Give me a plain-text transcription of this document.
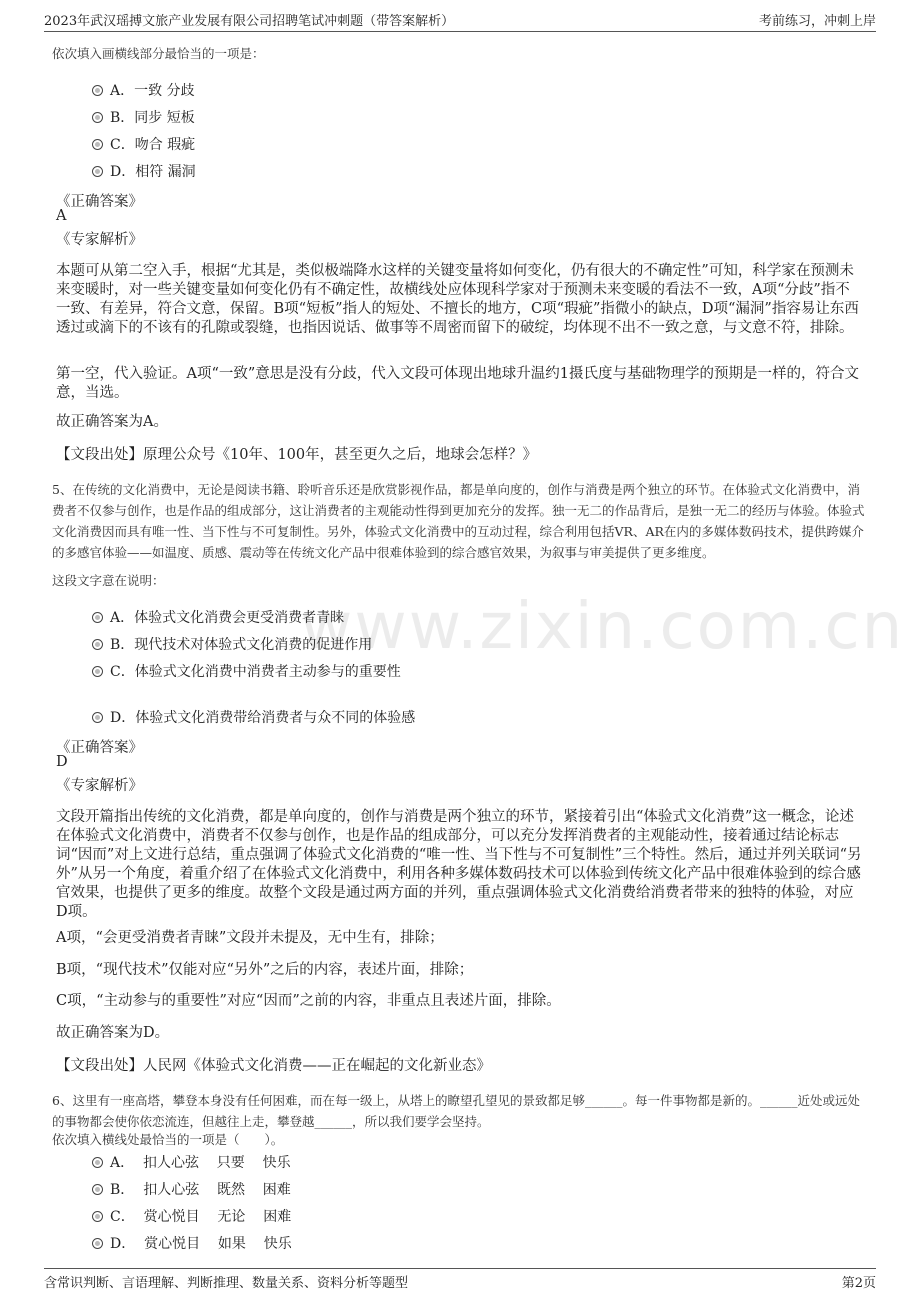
2023年武汉瑶搏文旅产业发展有限公司招聘笔试冲刺题（带答案解析）	考前练习，冲刺上岸
www.zixin.com.cn
依次填入画横线部分最恰当的一项是：
A．一致 分歧
B．同步 短板
C．吻合 瑕疵
D．相符 漏洞
《正确答案》
A
《专家解析》

本题可从第二空入手，根据“尤其是，类似极端降水这样的关键变量将如何变化，仍有很大的不确定性”可知，科学家在预测未来变暖时，对一些关键变量如何变化仍有不确定性，故横线处应体现科学家对于预测未来变暖的看法不一致，A项“分歧”指不一致、有差异，符合文意，保留。B项“短板”指人的短处、不擅长的地方，C项“瑕疵”指微小的缺点，D项“漏洞”指容易让东西透过或滴下的不该有的孔隙或裂缝，也指因说话、做事等不周密而留下的破绽，均体现不出不一致之意，与文意不符，排除。

第一空，代入验证。A项“一致”意思是没有分歧，代入文段可体现出地球升温约1摄氏度与基础物理学的预期是一样的，符合文意，当选。

故正确答案为A。

【文段出处】原理公众号《10年、100年，甚至更久之后，地球会怎样？》

5、在传统的文化消费中，无论是阅读书籍、聆听音乐还是欣赏影视作品，都是单向度的，创作与消费是两个独立的环节。在体验式文化消费中，消费者不仅参与创作，也是作品的组成部分，这让消费者的主观能动性得到更加充分的发挥。独一无二的作品背后，是独一无二的经历与体验。体验式文化消费因而具有唯一性、当下性与不可复制性。另外，体验式文化消费中的互动过程，综合利用包括VR、AR在内的多媒体数码技术，提供跨媒介的多感官体验——如温度、质感、震动等在传统文化产品中很难体验到的综合感官效果，为叙事与审美提供了更多维度。

这段文字意在说明：
A．体验式文化消费会更受消费者青睐
B．现代技术对体验式文化消费的促进作用
C．体验式文化消费中消费者主动参与的重要性
D．体验式文化消费带给消费者与众不同的体验感
《正确答案》
D
《专家解析》

文段开篇指出传统的文化消费，都是单向度的，创作与消费是两个独立的环节，紧接着引出“体验式文化消费”这一概念，论述在体验式文化消费中，消费者不仅参与创作，也是作品的组成部分，可以充分发挥消费者的主观能动性，接着通过结论标志词“因而”对上文进行总结，重点强调了体验式文化消费的“唯一性、当下性与不可复制性”三个特性。然后，通过并列关联词“另外”从另一个角度，着重介绍了在体验式文化消费中，利用各种多媒体数码技术可以体验到传统文化产品中很难体验到的综合感官效果，也提供了更多的维度。故整个文段是通过两方面的并列，重点强调体验式文化消费给消费者带来的独特的体验，对应D项。

A项，“会更受消费者青睐”文段并未提及，无中生有，排除；

B项，“现代技术”仅能对应“另外”之后的内容，表述片面，排除；

C项，“主动参与的重要性”对应“因而”之前的内容，非重点且表述片面，排除。

故正确答案为D。

【文段出处】人民网《体验式文化消费——正在崛起的文化新业态》

6、这里有一座高塔，攀登本身没有任何困难，而在每一级上，从塔上的瞭望孔望见的景致都足够______。每一件事物都是新的。______近处或远处的事物都会使你依恋流连，但越往上走，攀登越______，所以我们要学会坚持。

依次填入横线处最恰当的一项是（　　）。
A．  扣人心弦    只要    快乐
B．  扣人心弦    既然    困难
C．  赏心悦目    无论    困难
D．  赏心悦目    如果    快乐
含常识判断、言语理解、判断推理、数量关系、资料分析等题型	第2页
